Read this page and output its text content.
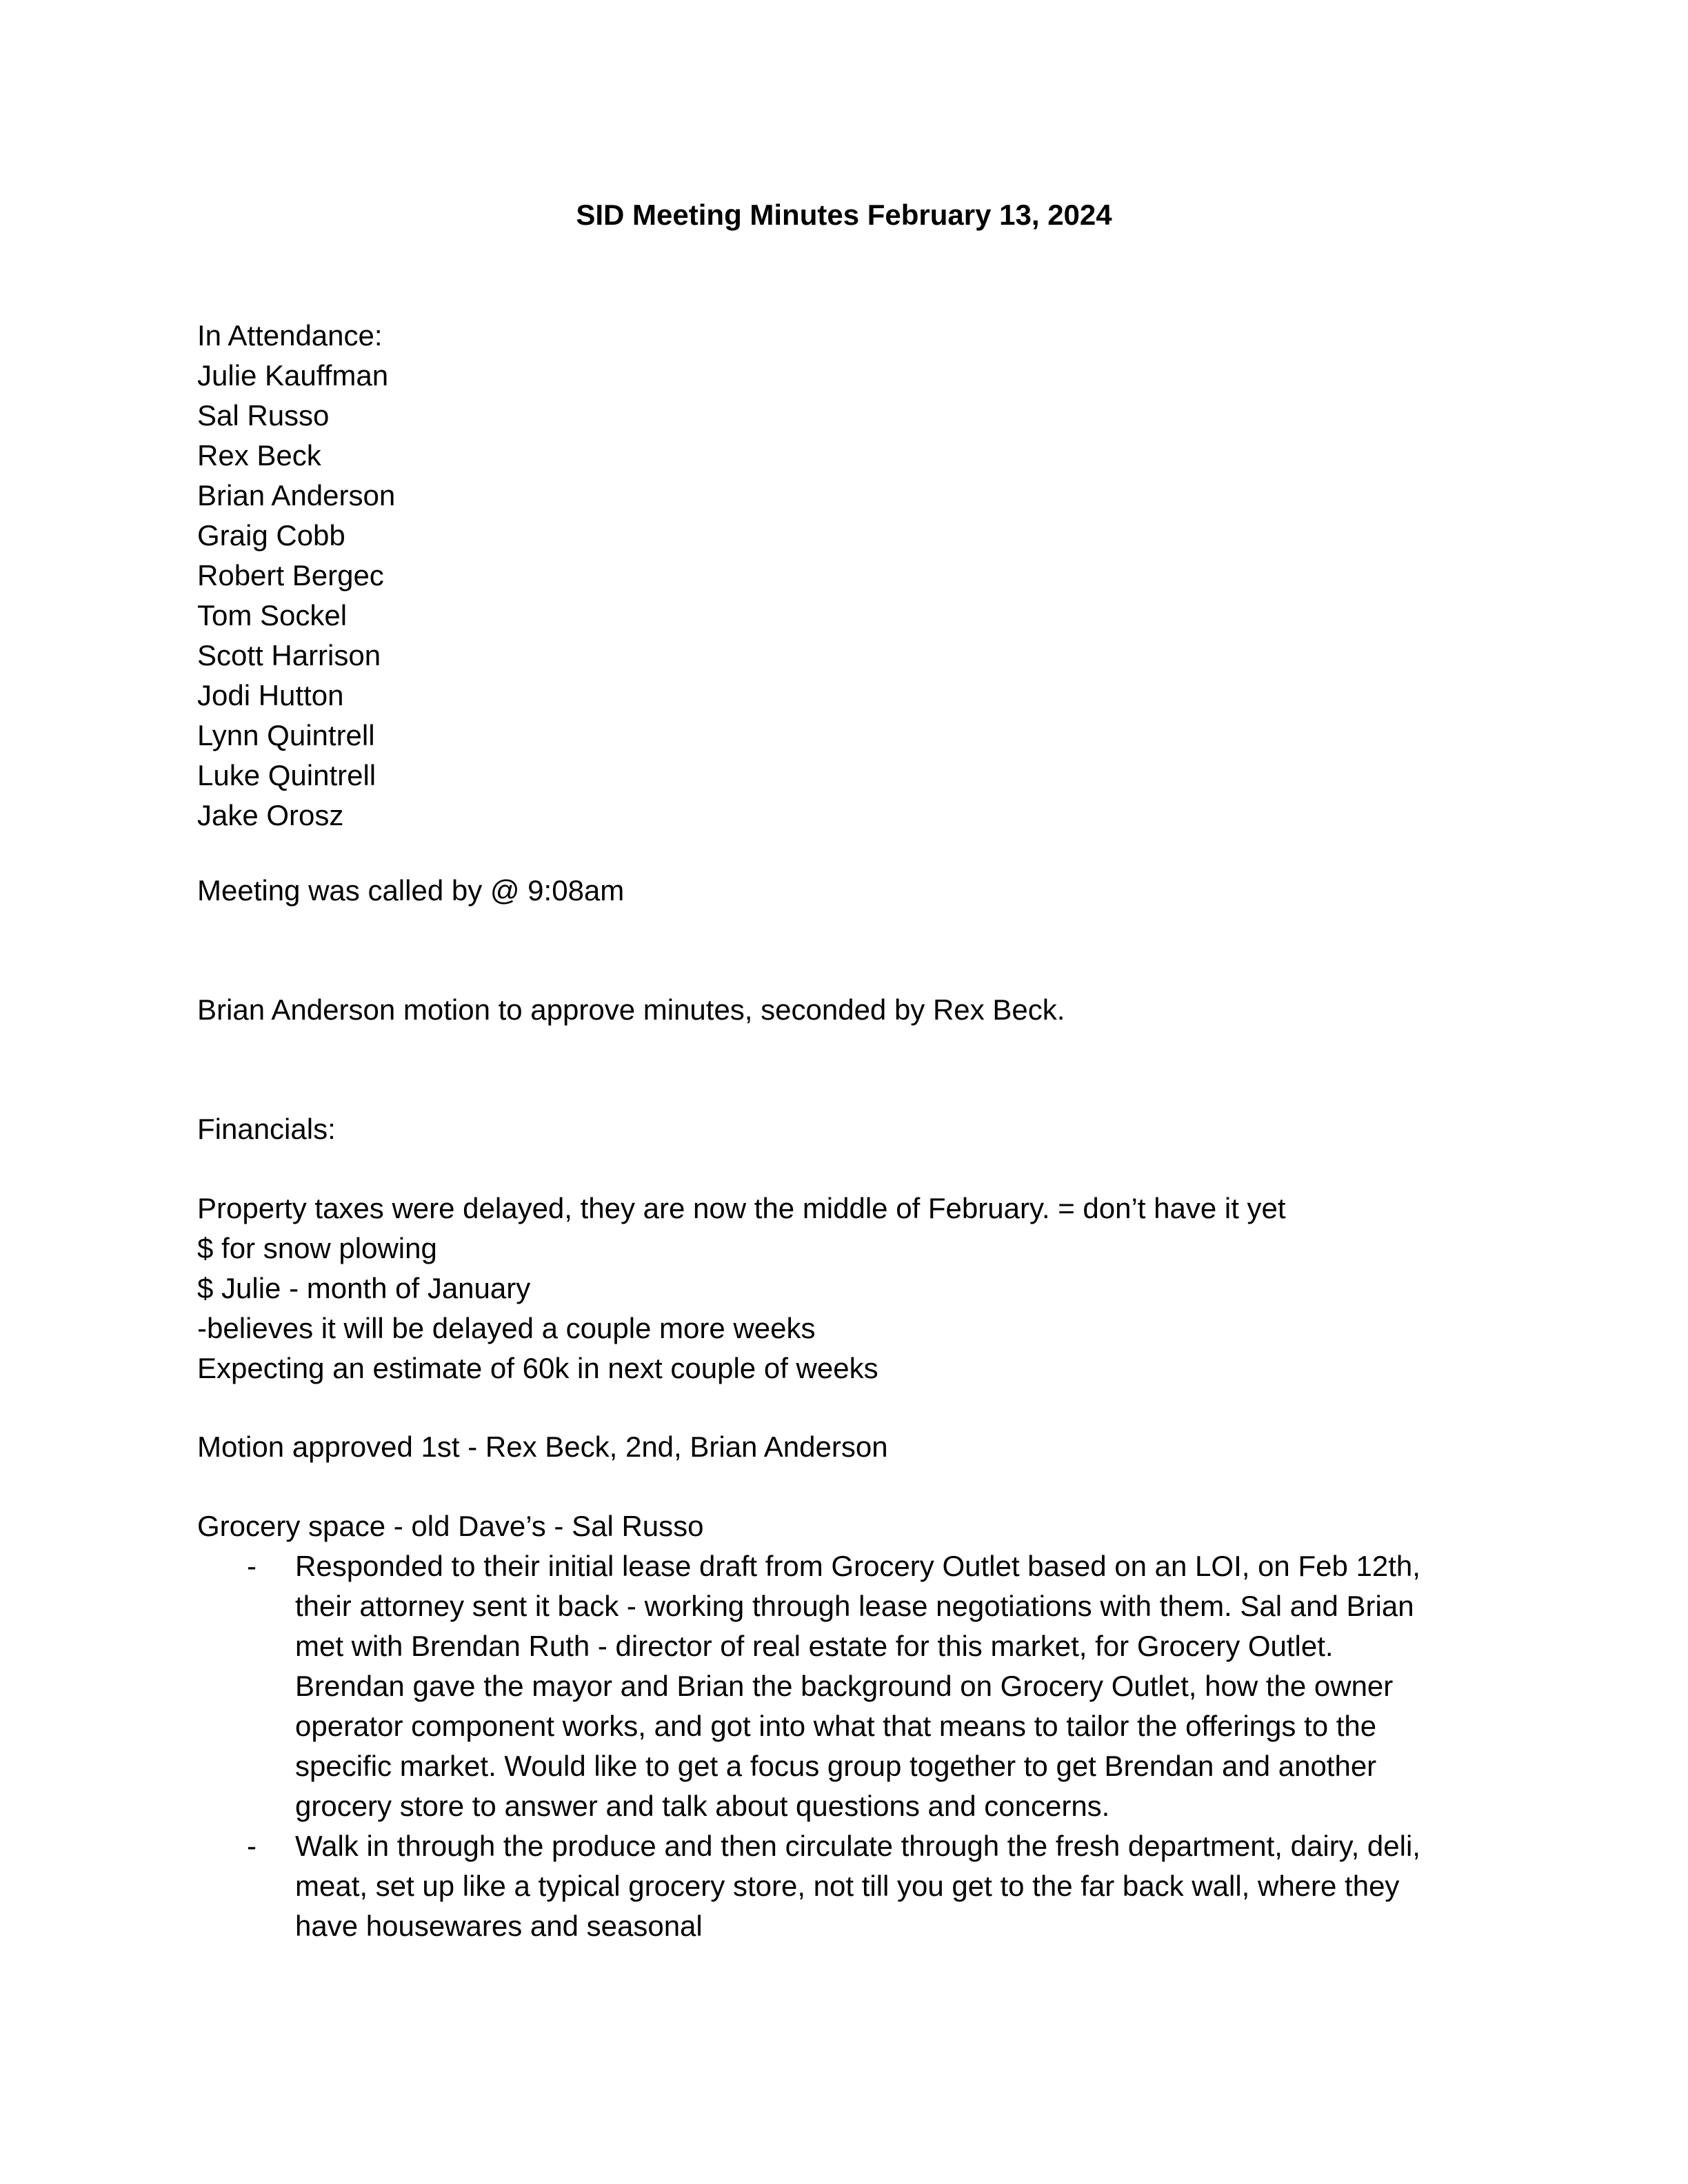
SID Meeting Minutes February 13, 2024
In Attendance:
Julie Kauffman
Sal Russo
Rex Beck
Brian Anderson
Graig Cobb
Robert Bergec
Tom Sockel
Scott Harrison
Jodi Hutton
Lynn Quintrell
Luke Quintrell
Jake Orosz
Meeting was called by @ 9:08am
Brian Anderson motion to approve minutes, seconded by Rex Beck.
Financials:
Property taxes were delayed, they are now the middle of February. = don’t have it yet
$ for snow plowing
$ Julie - month of January
-believes it will be delayed a couple more weeks
Expecting an estimate of 60k in next couple of weeks
Motion approved 1st - Rex Beck, 2nd, Brian Anderson
Grocery space - old Dave’s - Sal Russo
- Responded to their initial lease draft from Grocery Outlet based on an LOI, on Feb 12th,
their attorney sent it back - working through lease negotiations with them. Sal and Brian
met with Brendan Ruth - director of real estate for this market, for Grocery Outlet.
Brendan gave the mayor and Brian the background on Grocery Outlet, how the owner
operator component works, and got into what that means to tailor the offerings to the
specific market. Would like to get a focus group together to get Brendan and another
grocery store to answer and talk about questions and concerns.
- Walk in through the produce and then circulate through the fresh department, dairy, deli,
meat, set up like a typical grocery store, not till you get to the far back wall, where they
have housewares and seasonal
